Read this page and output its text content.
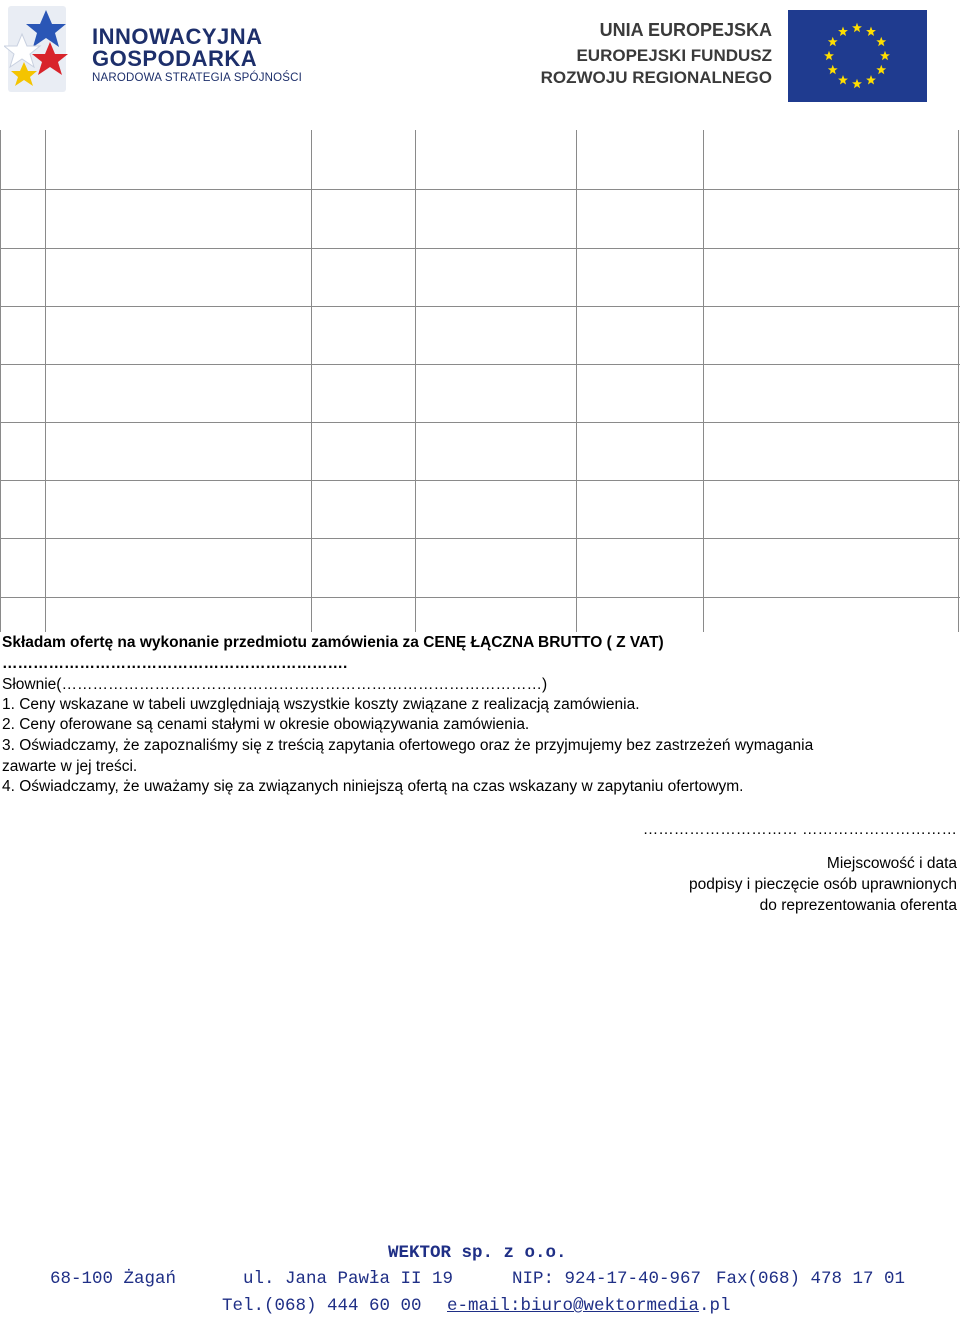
INNOWACYJNA
GOSPODARKA
NARODOWA STRATEGIA SPÓJNOŚCI
UNIA EUROPEJSKA
EUROPEJSKI FUNDUSZ
ROZWOJU REGIONALNEGO
Składam ofertę na wykonanie przedmiotu zamówienia za CENĘ ŁĄCZNA BRUTTO ( Z VAT)
………………………………………………………….
Słownie(…………………………………………………………………………………)
1. Ceny wskazane w tabeli uwzględniają wszystkie koszty związane z realizacją zamówienia.
2. Ceny oferowane są cenami stałymi w okresie obowiązywania zamówienia.
3. Oświadczamy, że zapoznaliśmy się z treścią zapytania ofertowego oraz że przyjmujemy bez zastrzeżeń wymagania
zawarte w jej treści.
4. Oświadczamy, że uważamy się za związanych niniejszą ofertą na czas wskazany w zapytaniu ofertowym.
………………………… …………………………
Miejscowość i data
podpisy i pieczęcie osób uprawnionych
do reprezentowania oferenta
WEKTOR sp. z o.o.
68-100 Żagań	ul. Jana Pawła II 19	NIP: 924-17-40-967 Fax(068) 478 17 01
Tel.(068) 444 60 00 e-mail:biuro@wektormedia.pl
